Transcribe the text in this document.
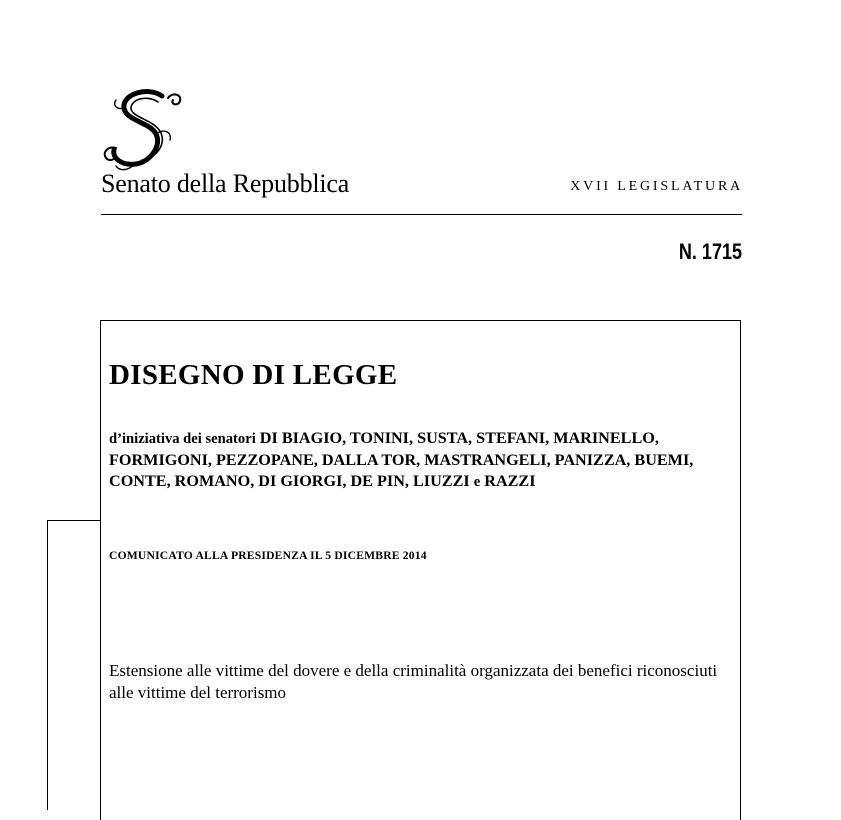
Senato della Repubblica	XVII LEGISLATURA
N. 1715
DISEGNO DI LEGGE
d’iniziativa dei senatori DI BIAGIO, TONINI, SUSTA, STEFANI, MARINELLO, FORMIGONI, PEZZOPANE, DALLA TOR, MASTRANGELI, PANIZZA, BUEMI, CONTE, ROMANO, DI GIORGI, DE PIN, LIUZZI e RAZZI
COMUNICATO ALLA PRESIDENZA IL 5 DICEMBRE 2014
Estensione alle vittime del dovere e della criminalità organizzata dei benefici riconosciuti alle vittime del terrorismo
